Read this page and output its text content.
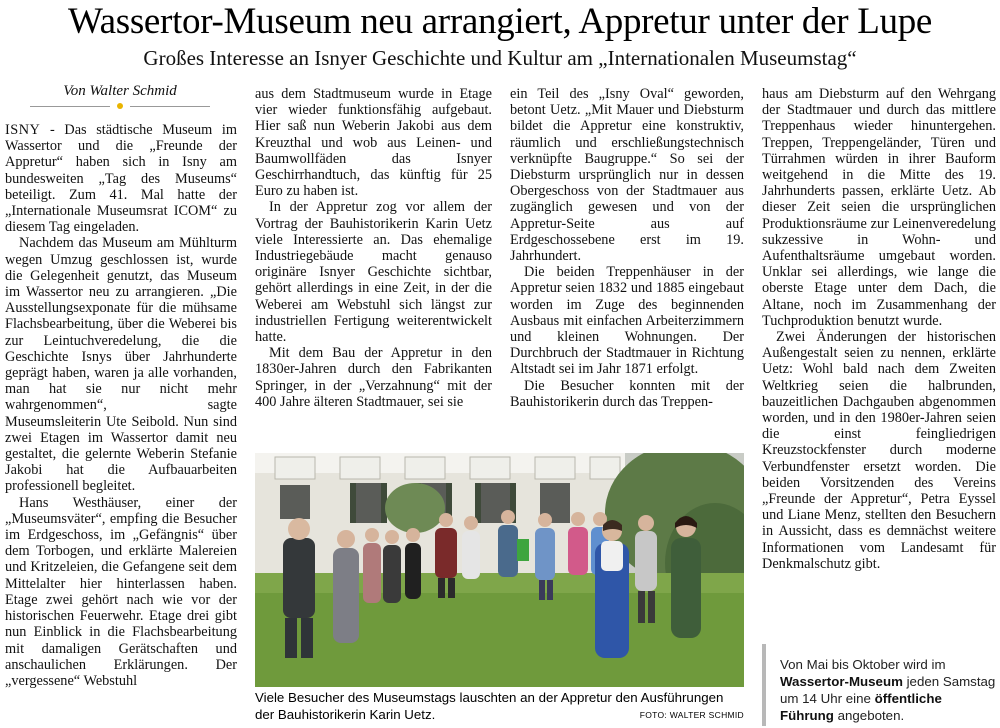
Wassertor-Museum neu arrangiert, Appretur unter der Lupe
Großes Interesse an Isnyer Geschichte und Kultur am „Internationalen Museumstag“
Von Walter Schmid

ISNY - Das städtische Museum im Wassertor und die „Freunde der Appretur“ haben sich in Isny am bundesweiten „Tag des Museums“ beteiligt. Zum 41. Mal hatte der „Internationale Museumsrat ICOM“ zu diesem Tag eingeladen.

Nachdem das Museum am Mühlturm wegen Umzug geschlossen ist, wurde die Gelegenheit genutzt, das Museum im Wassertor neu zu arrangieren. „Die Ausstellungsexponate für die mühsame Flachsbearbeitung, über die Weberei bis zur Leintuchveredelung, die die Geschichte Isnys über Jahrhunderte geprägt haben, waren ja alle vorhanden, man hat sie nur nicht mehr wahrgenommen“, sagte Museumsleiterin Ute Seibold. Nun sind zwei Etagen im Wassertor damit neu gestaltet, die gelernte Weberin Stefanie Jakobi hat die Aufbauarbeiten professionell begleitet.

Hans Westhäuser, einer der „Museumsväter“, empfing die Besucher im Erdgeschoss, im „Gefängnis“ über dem Torbogen, und erklärte Malereien und Kritzeleien, die Gefangene seit dem Mittelalter hier hinterlassen haben. Etage zwei gehört nach wie vor der historischen Feuerwehr. Etage drei gibt nun Einblick in die Flachsbearbeitung mit damaligen Gerätschaften und anschaulichen Erklärungen. Der „vergessene“ Webstuhl

aus dem Stadtmuseum wurde in Etage vier wieder funktionsfähig aufgebaut. Hier saß nun Weberin Jakobi aus dem Kreuzthal und wob aus Leinen- und Baumwollfäden das Isnyer Geschirrhandtuch, das künftig für 25 Euro zu haben ist.

In der Appretur zog vor allem der Vortrag der Bauhistorikerin Karin Uetz viele Interessierte an. Das ehemalige Industriegebäude macht genauso originäre Isnyer Geschichte sichtbar, gehört allerdings in eine Zeit, in der die Weberei am Webstuhl sich längst zur industriellen Fertigung weiterentwickelt hatte.

Mit dem Bau der Appretur in den 1830er-Jahren durch den Fabrikanten Springer, in der „Verzahnung“ mit der 400 Jahre älteren Stadtmauer, sei sie

ein Teil des „Isny Oval“ geworden, betont Uetz. „Mit Mauer und Diebsturm bildet die Appretur eine konstruktiv, räumlich und erschließungstechnisch verknüpfte Baugruppe.“ So sei der Diebsturm ursprünglich nur in dessen Obergeschoss von der Stadtmauer aus zugänglich gewesen und von der Appretur-Seite aus auf Erdgeschossebene erst im 19. Jahrhundert.

Die beiden Treppenhäuser in der Appretur seien 1832 und 1885 eingebaut worden im Zuge des beginnenden Ausbaus mit einfachen Arbeiterzimmern und kleinen Wohnungen. Der Durchbruch der Stadtmauer in Richtung Altstadt sei im Jahr 1871 erfolgt.

Die Besucher konnten mit der Bauhistorikerin durch das Treppen-

haus am Diebsturm auf den Wehrgang der Stadtmauer und durch das mittlere Treppenhaus wieder hinuntergehen. Treppen, Treppengeländer, Türen und Türrahmen würden in ihrer Bauform weitgehend in die Mitte des 19. Jahrhunderts passen, erklärte Uetz. Ab dieser Zeit seien die ursprünglichen Produktionsräume zur Leinenveredelung sukzessive in Wohn- und Aufenthaltsräume umgebaut worden. Unklar sei allerdings, wie lange die oberste Etage unter dem Dach, die Altane, noch im Zusammenhang der Tuchproduktion benutzt wurde.

Zwei Änderungen der historischen Außengestalt seien zu nennen, erklärte Uetz: Wohl bald nach dem Zweiten Weltkrieg seien die halbrunden, bauzeitlichen Dachgauben abgenommen worden, und in den 1980er-Jahren seien die einst feingliedrigen Kreuzstockfenster durch moderne Verbundfenster ersetzt worden. Die beiden Vorsitzenden des Vereins „Freunde der Appretur“, Petra Eyssel und Liane Menz, stellten den Besuchern in Aussicht, dass es demnächst weitere Informationen vom Landesamt für Denkmalschutz gibt.

Viele Besucher des Museumstags lauschten an der Appretur den Ausführungen der Bauhistorikerin Karin Uetz.	FOTO: WALTER SCHMID
Von Mai bis Oktober wird im Wassertor-Museum jeden Samstag um 14 Uhr eine öffentliche Führung angeboten.
